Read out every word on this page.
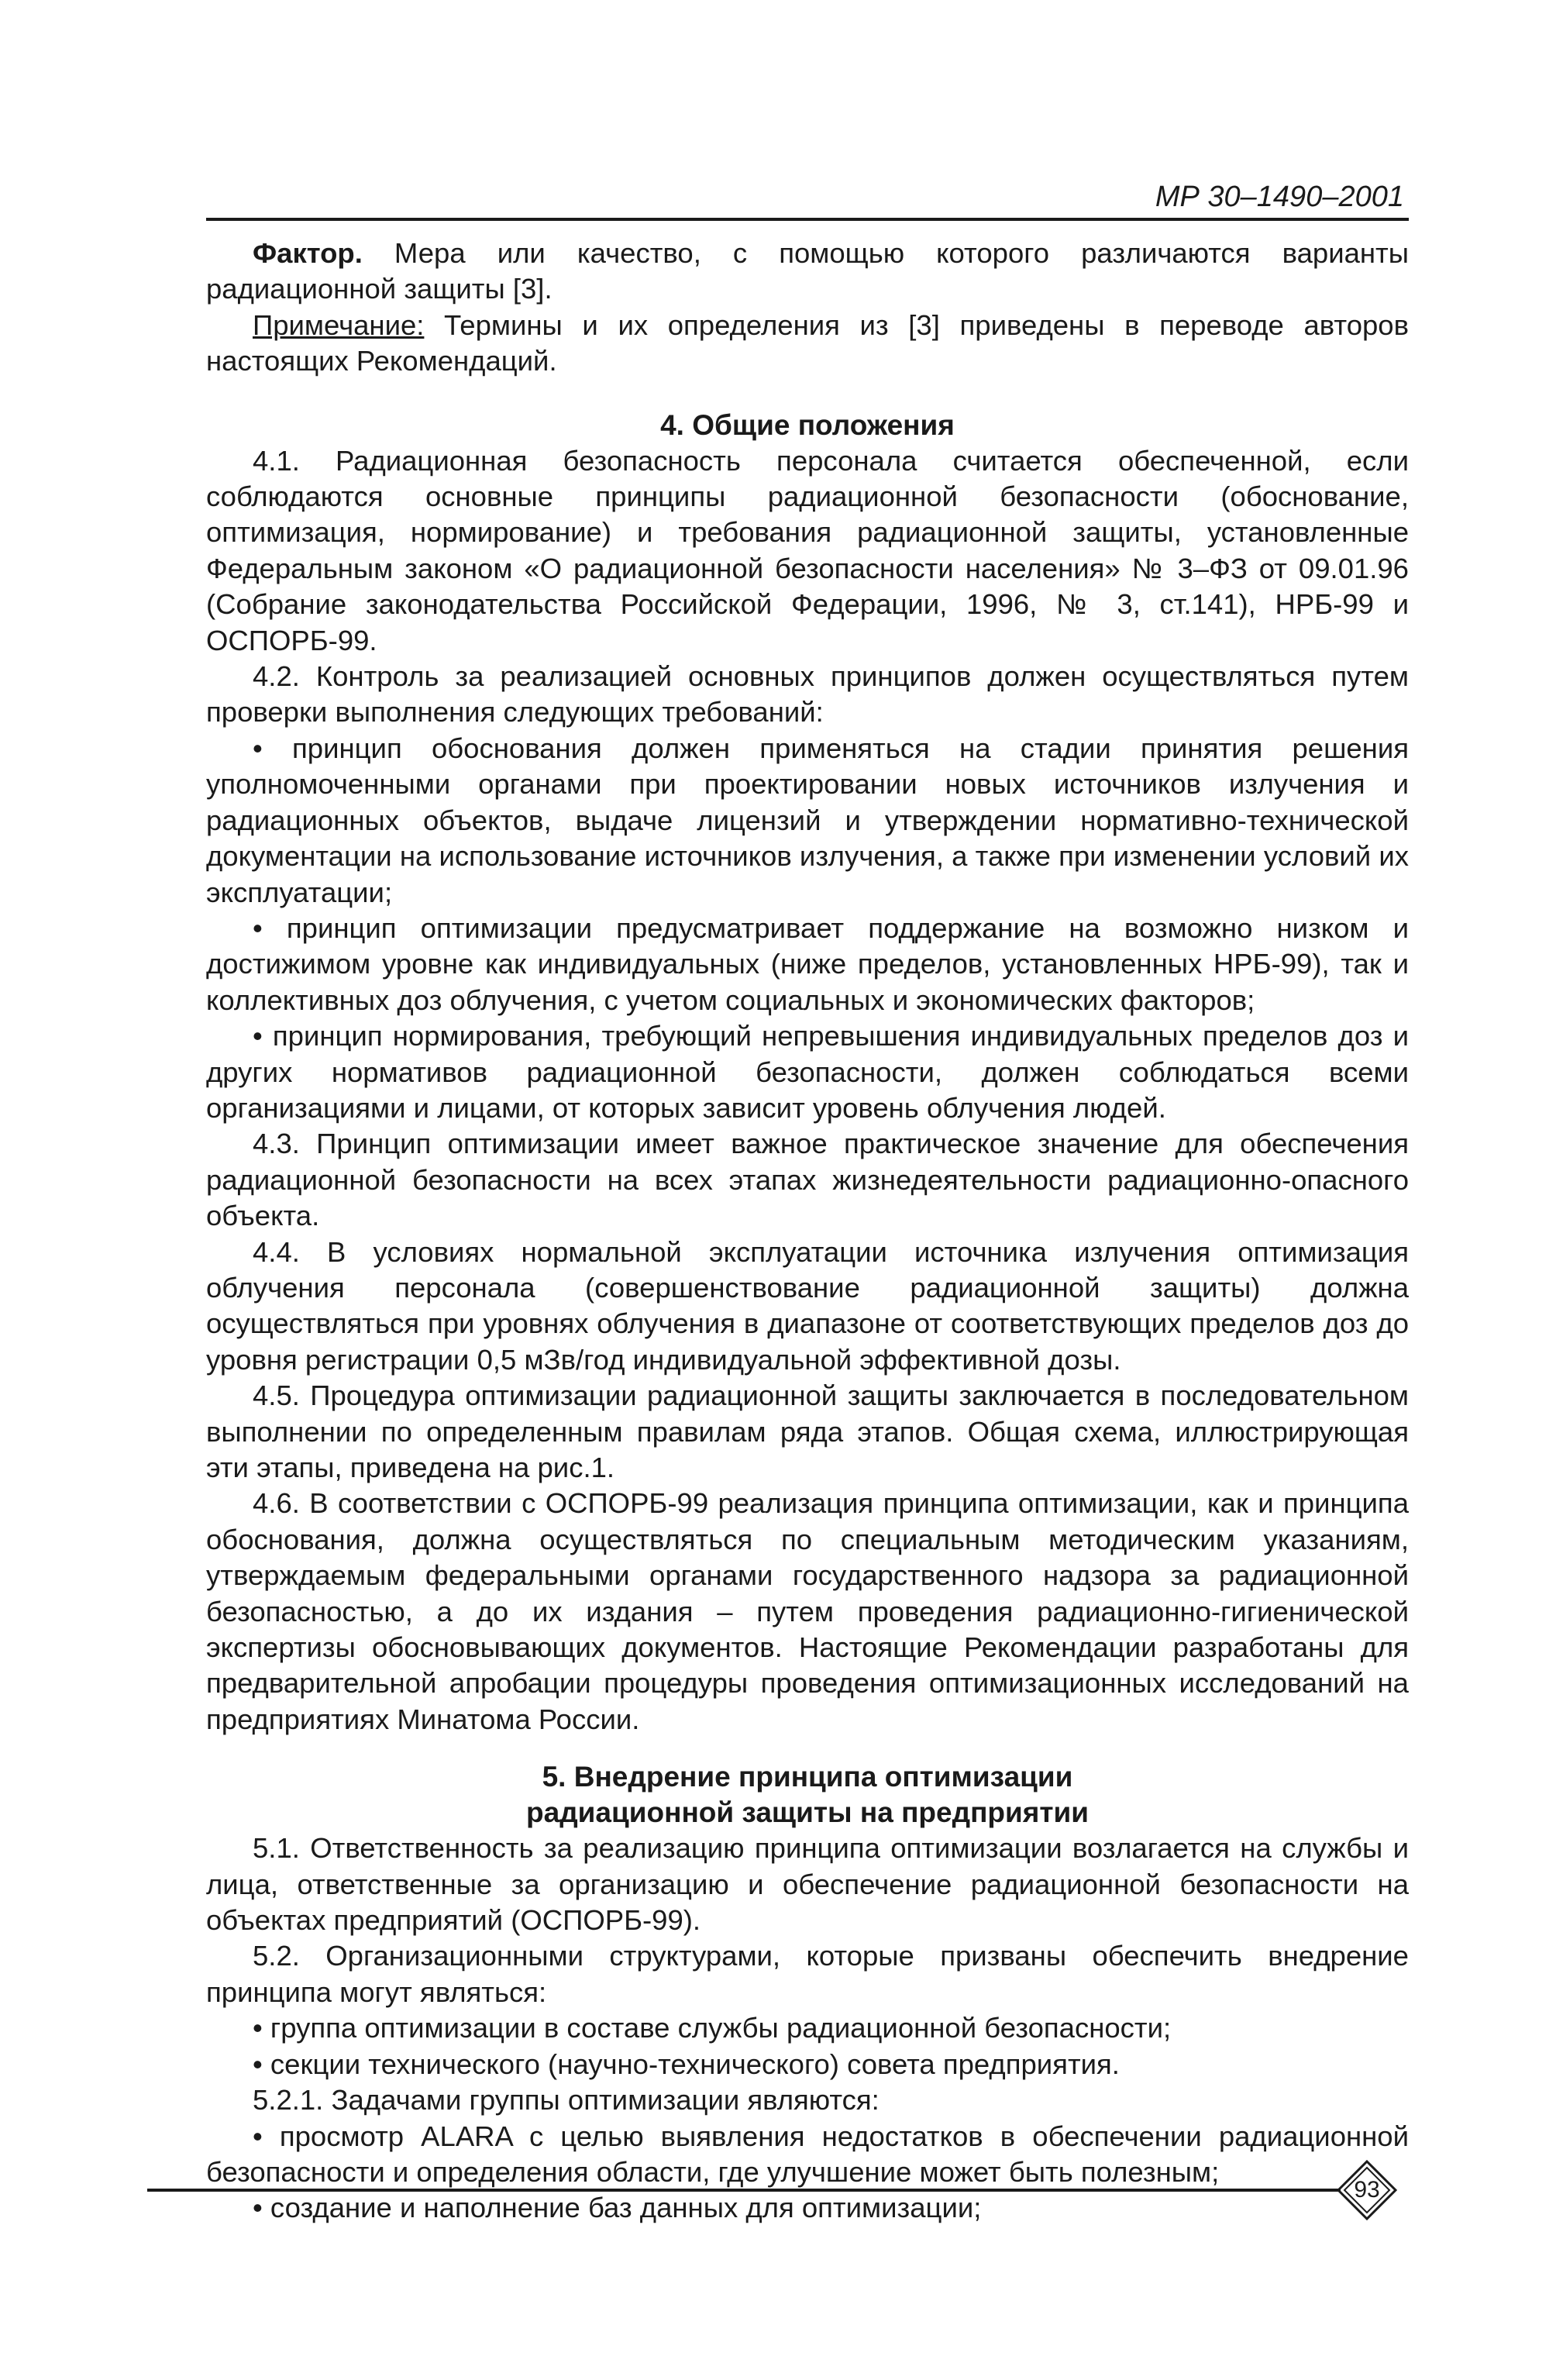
МР 30–1490–2001

Фактор. Мера или качество, с помощью которого различаются варианты радиационной защиты [3].

Примечание: Термины и их определения из [3] приведены в переводе авторов настоящих Рекомендаций.

4. Общие положения

4.1. Радиационная безопасность персонала считается обеспеченной, если соблюдаются основные принципы радиационной безопасности (обоснование, оптимизация, нормирование) и требования радиационной защиты, установленные Федеральным законом «О радиационной безопасности населения» № 3–ФЗ от 09.01.96 (Собрание законодательства Российской Федерации, 1996, № 3, ст.141), НРБ-99 и ОСПОРБ-99.

4.2. Контроль за реализацией основных принципов должен осуществляться путем проверки выполнения следующих требований:

• принцип обоснования должен применяться на стадии принятия решения уполномоченными органами при проектировании новых источников излучения и радиационных объектов, выдаче лицензий и утверждении нормативно-технической документации на использование источников излучения, а также при изменении условий их эксплуатации;

• принцип оптимизации предусматривает поддержание на возможно низком и достижимом уровне как индивидуальных (ниже пределов, установленных НРБ-99), так и коллективных доз облучения, с учетом социальных и экономических факторов;

• принцип нормирования, требующий непревышения индивидуальных пределов доз и других нормативов радиационной безопасности, должен соблюдаться всеми организациями и лицами, от которых зависит уровень облучения людей.

4.3. Принцип оптимизации имеет важное практическое значение для обеспечения радиационной безопасности на всех этапах жизнедеятельности радиационно-опасного объекта.

4.4. В условиях нормальной эксплуатации источника излучения оптимизация облучения персонала (совершенствование радиационной защиты) должна осуществляться при уровнях облучения в диапазоне от соответствующих пределов доз до уровня регистрации 0,5 мЗв/год индивидуальной эффективной дозы.

4.5. Процедура оптимизации радиационной защиты заключается в последовательном выполнении по определенным правилам ряда этапов. Общая схема, иллюстрирующая эти этапы, приведена на рис.1.

4.6. В соответствии с ОСПОРБ-99 реализация принципа оптимизации, как и принципа обоснования, должна осуществляться по специальным методическим указаниям, утверждаемым федеральными органами государственного надзора за радиационной безопасностью, а до их издания – путем проведения радиационно-гигиенической экспертизы обосновывающих документов. Настоящие Рекомендации разработаны для предварительной апробации процедуры проведения оптимизационных исследований на предприятиях Минатома России.

5. Внедрение принципа оптимизации

радиационной защиты на предприятии

5.1. Ответственность за реализацию принципа оптимизации возлагается на службы и лица, ответственные за организацию и обеспечение радиационной безопасности на объектах предприятий (ОСПОРБ-99).

5.2. Организационными структурами, которые призваны обеспечить внедрение принципа могут являться:

• группа оптимизации в составе службы радиационной безопасности;

• секции технического (научно-технического) совета предприятия.

5.2.1. Задачами группы оптимизации являются:

• просмотр ALARA с целью выявления недостатков в обеспечении радиационной безопасности и определения области, где улучшение может быть полезным;

• создание и наполнение баз данных для оптимизации;

93
